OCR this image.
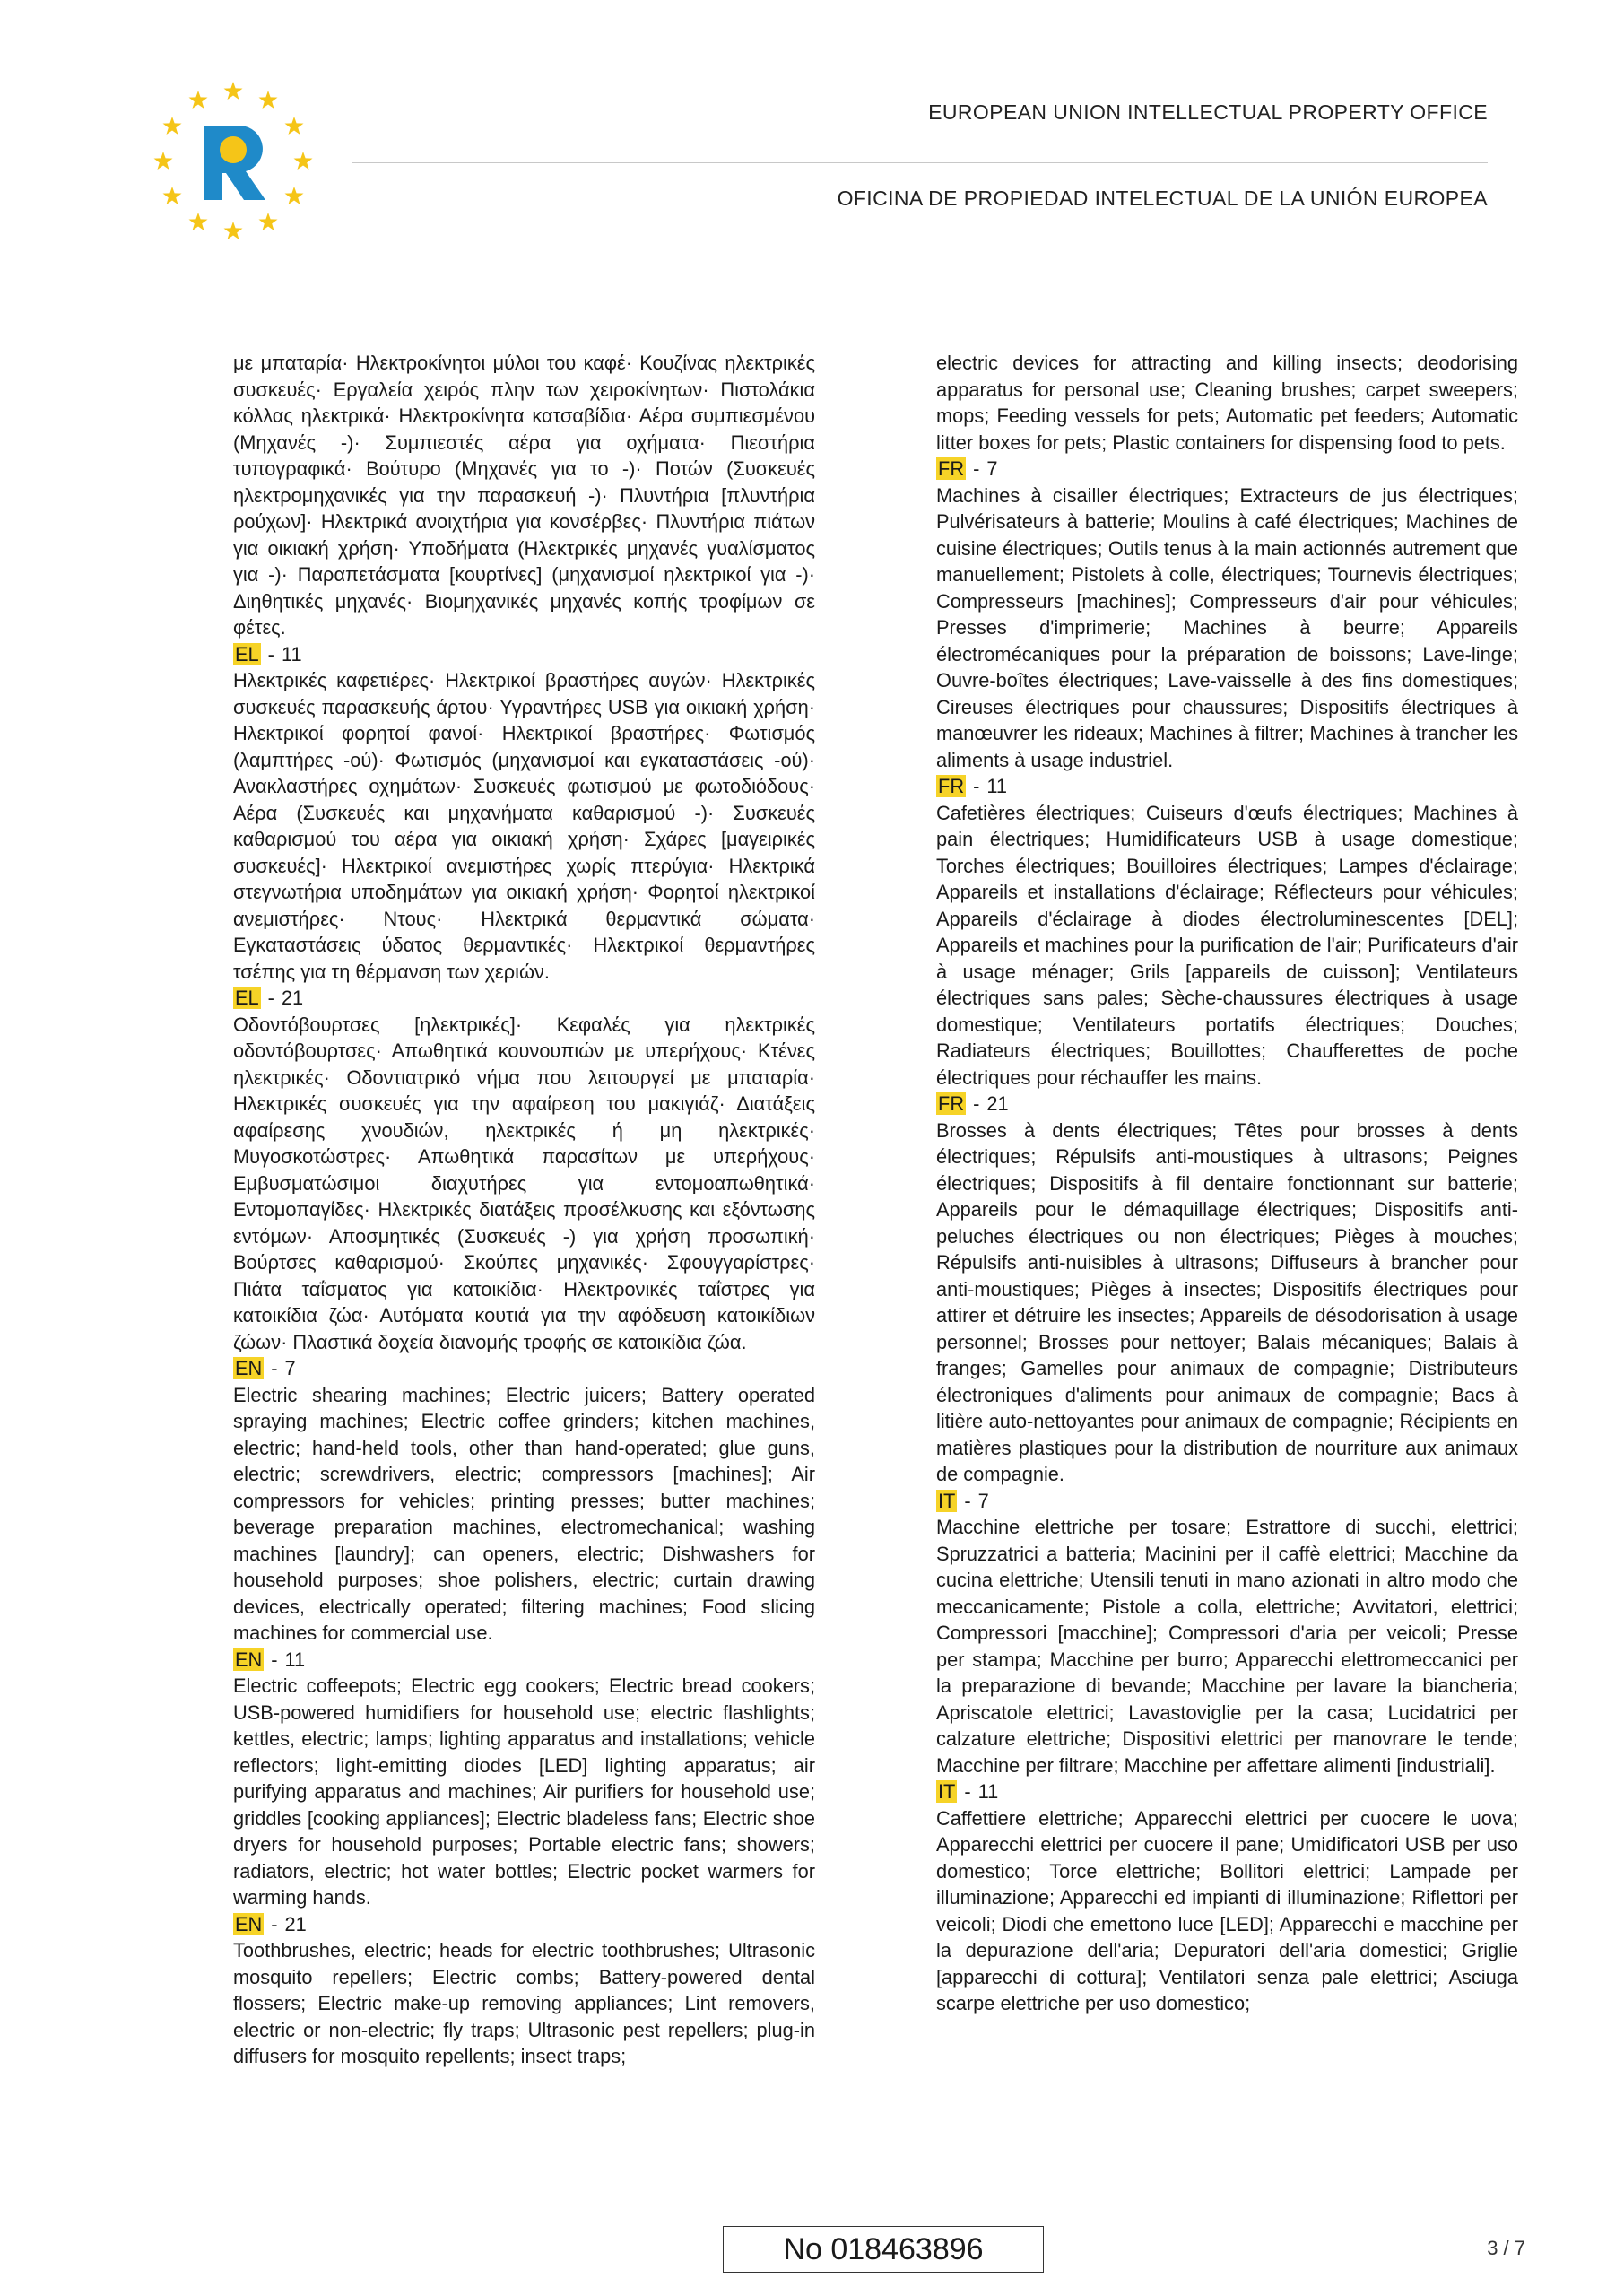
EUROPEAN UNION INTELLECTUAL PROPERTY OFFICE
OFICINA DE PROPIEDAD INTELECTUAL DE LA UNIÓN EUROPEA

με μπαταρία· Ηλεκτροκίνητοι μύλοι του καφέ· Κουζίνας ηλεκτρικές συσκευές· Εργαλεία χειρός πλην των χειροκίνητων· Πιστολάκια κόλλας ηλεκτρικά· Ηλεκτροκίνητα κατσαβίδια· Αέρα συμπιεσμένου (Μηχανές -)· Συμπιεστές αέρα για οχήματα· Πιεστήρια τυπογραφικά· Βούτυρο (Μηχανές για το -)· Ποτών (Συσκευές ηλεκτρομηχανικές για την παρασκευή -)· Πλυντήρια [πλυντήρια ρούχων]· Ηλεκτρικά ανοιχτήρια για κονσέρβες· Πλυντήρια πιάτων για οικιακή χρήση· Υποδήματα (Ηλεκτρικές μηχανές γυαλίσματος για -)· Παραπετάσματα [κουρτίνες] (μηχανισμοί ηλεκτρικοί για -)· Διηθητικές μηχανές· Βιομηχανικές μηχανές κοπής τροφίμων σε φέτες.

EL - 11

Ηλεκτρικές καφετιέρες· Ηλεκτρικοί βραστήρες αυγών· Ηλεκτρικές συσκευές παρασκευής άρτου· Υγραντήρες USB για οικιακή χρήση· Ηλεκτρικοί φορητοί φανοί· Ηλεκτρικοί βραστήρες· Φωτισμός (λαμπτήρες -ού)· Φωτισμός (μηχανισμοί και εγκαταστάσεις -ού)· Ανακλαστήρες οχημάτων· Συσκευές φωτισμού με φωτοδιόδους· Αέρα (Συσκευές και μηχανήματα καθαρισμού -)· Συσκευές καθαρισμού του αέρα για οικιακή χρήση· Σχάρες [μαγειρικές συσκευές]· Ηλεκτρικοί ανεμιστήρες χωρίς πτερύγια· Ηλεκτρικά στεγνωτήρια υποδημάτων για οικιακή χρήση· Φορητοί ηλεκτρικοί ανεμιστήρες· Ντους· Ηλεκτρικά θερμαντικά σώματα· Εγκαταστάσεις ύδατος θερμαντικές· Ηλεκτρικοί θερμαντήρες τσέπης για τη θέρμανση των χεριών.

EL - 21

Οδοντόβουρτσες [ηλεκτρικές]· Κεφαλές για ηλεκτρικές οδοντόβουρτσες· Απωθητικά κουνουπιών με υπερήχους· Κτένες ηλεκτρικές· Οδοντιατρικό νήμα που λειτουργεί με μπαταρία· Ηλεκτρικές συσκευές για την αφαίρεση του μακιγιάζ· Διατάξεις αφαίρεσης χνουδιών, ηλεκτρικές ή μη ηλεκτρικές· Μυγοσκοτώστρες· Απωθητικά παρασίτων με υπερήχους· Εμβυσματώσιμοι διαχυτήρες για εντομοαπωθητικά· Εντομοπαγίδες· Ηλεκτρικές διατάξεις προσέλκυσης και εξόντωσης εντόμων· Αποσμητικές (Συσκευές -) για χρήση προσωπική· Βούρτσες καθαρισμού· Σκούπες μηχανικές· Σφουγγαρίστρες· Πιάτα ταΐσματος για κατοικίδια· Ηλεκτρονικές ταΐστρες για κατοικίδια ζώα· Αυτόματα κουτιά για την αφόδευση κατοικίδιων ζώων· Πλαστικά δοχεία διανομής τροφής σε κατοικίδια ζώα.

EN - 7

Electric shearing machines; Electric juicers; Battery operated spraying machines; Electric coffee grinders; kitchen machines, electric; hand-held tools, other than hand-operated; glue guns, electric; screwdrivers, electric; compressors [machines]; Air compressors for vehicles; printing presses; butter machines; beverage preparation machines, electromechanical; washing machines [laundry]; can openers, electric; Dishwashers for household purposes; shoe polishers, electric; curtain drawing devices, electrically operated; filtering machines; Food slicing machines for commercial use.

EN - 11

Electric coffeepots; Electric egg cookers; Electric bread cookers; USB-powered humidifiers for household use; electric flashlights; kettles, electric; lamps; lighting apparatus and installations; vehicle reflectors; light-emitting diodes [LED] lighting apparatus; air purifying apparatus and machines; Air purifiers for household use; griddles [cooking appliances]; Electric bladeless fans; Electric shoe dryers for household purposes; Portable electric fans; showers; radiators, electric; hot water bottles; Electric pocket warmers for warming hands.

EN - 21

Toothbrushes, electric; heads for electric toothbrushes; Ultrasonic mosquito repellers; Electric combs; Battery-powered dental flossers; Electric make-up removing appliances; Lint removers, electric or non-electric; fly traps; Ultrasonic pest repellers; plug-in diffusers for mosquito repellents; insect traps;

electric devices for attracting and killing insects; deodorising apparatus for personal use; Cleaning brushes; carpet sweepers; mops; Feeding vessels for pets; Automatic pet feeders; Automatic litter boxes for pets; Plastic containers for dispensing food to pets.

FR - 7

Machines à cisailler électriques; Extracteurs de jus électriques; Pulvérisateurs à batterie; Moulins à café électriques; Machines de cuisine électriques; Outils tenus à la main actionnés autrement que manuellement; Pistolets à colle, électriques; Tournevis électriques; Compresseurs [machines]; Compresseurs d'air pour véhicules; Presses d'imprimerie; Machines à beurre; Appareils électromécaniques pour la préparation de boissons; Lave-linge; Ouvre-boîtes électriques; Lave-vaisselle à des fins domestiques; Cireuses électriques pour chaussures; Dispositifs électriques à manœuvrer les rideaux; Machines à filtrer; Machines à trancher les aliments à usage industriel.

FR - 11

Cafetières électriques; Cuiseurs d'œufs électriques; Machines à pain électriques; Humidificateurs USB à usage domestique; Torches électriques; Bouilloires électriques; Lampes d'éclairage; Appareils et installations d'éclairage; Réflecteurs pour véhicules; Appareils d'éclairage à diodes électroluminescentes [DEL]; Appareils et machines pour la purification de l'air; Purificateurs d'air à usage ménager; Grils [appareils de cuisson]; Ventilateurs électriques sans pales; Sèche-chaussures électriques à usage domestique; Ventilateurs portatifs électriques; Douches; Radiateurs électriques; Bouillottes; Chaufferettes de poche électriques pour réchauffer les mains.

FR - 21

Brosses à dents électriques; Têtes pour brosses à dents électriques; Répulsifs anti-moustiques à ultrasons; Peignes électriques; Dispositifs à fil dentaire fonctionnant sur batterie; Appareils pour le démaquillage électriques; Dispositifs anti-peluches électriques ou non électriques; Pièges à mouches; Répulsifs anti-nuisibles à ultrasons; Diffuseurs à brancher pour anti-moustiques; Pièges à insectes; Dispositifs électriques pour attirer et détruire les insectes; Appareils de désodorisation à usage personnel; Brosses pour nettoyer; Balais mécaniques; Balais à franges; Gamelles pour animaux de compagnie; Distributeurs électroniques d'aliments pour animaux de compagnie; Bacs à litière auto-nettoyantes pour animaux de compagnie; Récipients en matières plastiques pour la distribution de nourriture aux animaux de compagnie.

IT - 7

Macchine elettriche per tosare; Estrattore di succhi, elettrici; Spruzzatrici a batteria; Macinini per il caffè elettrici; Macchine da cucina elettriche; Utensili tenuti in mano azionati in altro modo che meccanicamente; Pistole a colla, elettriche; Avvitatori, elettrici; Compressori [macchine]; Compressori d'aria per veicoli; Presse per stampa; Macchine per burro; Apparecchi elettromeccanici per la preparazione di bevande; Macchine per lavare la biancheria; Apriscatole elettrici; Lavastoviglie per la casa; Lucidatrici per calzature elettriche; Dispositivi elettrici per manovrare le tende; Macchine per filtrare; Macchine per affettare alimenti [industriali].

IT - 11

Caffettiere elettriche; Apparecchi elettrici per cuocere le uova; Apparecchi elettrici per cuocere il pane; Umidificatori USB per uso domestico; Torce elettriche; Bollitori elettrici; Lampade per illuminazione; Apparecchi ed impianti di illuminazione; Riflettori per veicoli; Diodi che emettono luce [LED]; Apparecchi e macchine per la depurazione dell'aria; Depuratori dell'aria domestici; Griglie [apparecchi di cottura]; Ventilatori senza pale elettrici; Asciuga scarpe elettriche per uso domestico;

No 018463896	3 / 7
